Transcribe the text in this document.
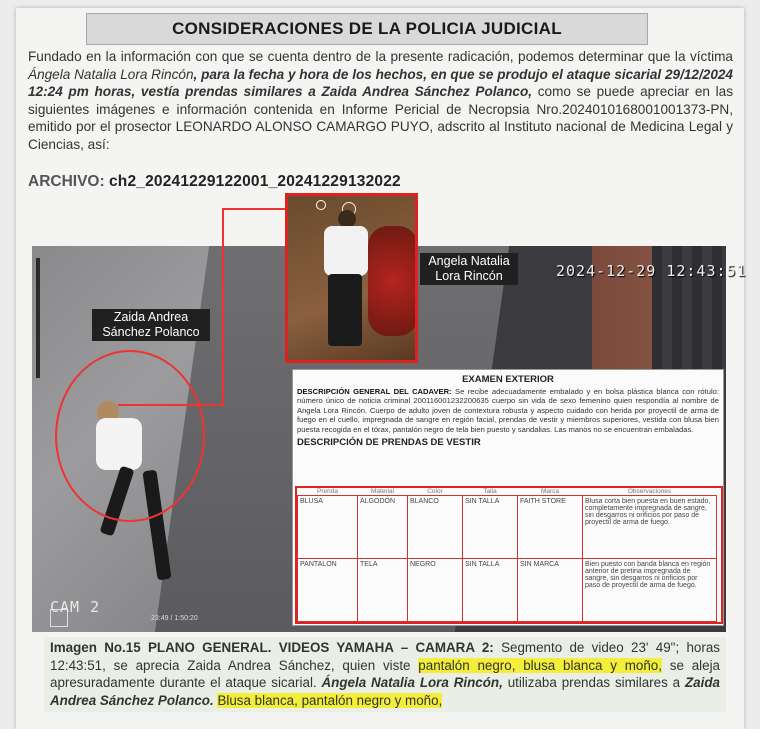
CONSIDERACIONES DE LA POLICIA JUDICIAL
Fundado en la información con que se cuenta dentro de la presente radicación, podemos determinar que la víctima Ángela Natalia Lora Rincón, para la fecha y hora de los hechos, en que se produjo el ataque sicarial 29/12/2024 12:24 pm horas, vestía prendas similares a Zaida Andrea Sánchez Polanco, como se puede apreciar en las siguientes imágenes e información contenida en Informe Pericial de Necropsia Nro.2024010168001001373-PN, emitido por el prosector LEONARDO ALONSO CAMARGO PUYO, adscrito al Instituto nacional de Medicina Legal y Ciencias, así:
ARCHIVO: ch2_20241229122001_20241229132022
Zaida Andrea
Sánchez Polanco
Angela Natalia
Lora Rincón	2024-12-29 12:43:51
CAM 2
23:49 / 1:50:20
EXAMEN EXTERIOR
DESCRIPCIÓN GENERAL DEL CADAVER: Se recibe adecuadamente embalado y en bolsa plástica blanca con rótulo: número único de noticia criminal 200116001232200635 cuerpo sin vida de sexo femenino quien respondía al nombre de Angela Lora Rincón. Cuerpo de adulto joven de contextura robusta y aspecto cuidado con herida por proyectil de arma de fuego en el cuello, impregnada de sangre en región facial, prendas de vestir y miembros superiores, vestida con blusa bien puesta recogida en el tórax, pantalón negro de tela bien puesto y sandalias. Las manos no se encuentran embaladas.
DESCRIPCIÓN DE PRENDAS DE VESTIR
Prenda	Material	Color	Talla	Marca	Observaciones
BLUSA	ALGODÓN	BLANCO	SIN TALLA	FAITH STORE	Blusa corta bien puesta en buen estado, completamente impregnada de sangre, sin desgarros ni orificios por paso de proyectil de arma de fuego.
PANTALON	TELA	NEGRO	SIN TALLA	SIN MARCA	Bien puesto con banda blanca en región anterior de pretina impregnada de sangre, sin desgarros ni orificios por paso de proyectil de arma de fuego.
Imagen No.15 PLANO GENERAL. VIDEOS YAMAHA – CAMARA 2: Segmento de video 23' 49"; horas 12:43:51, se aprecia Zaida Andrea Sánchez, quien viste pantalón negro, blusa blanca y moño, se aleja apresuradamente durante el ataque sicarial. Ángela Natalia Lora Rincón, utilizaba prendas similares a Zaida Andrea Sánchez Polanco. Blusa blanca, pantalón negro y moño,
